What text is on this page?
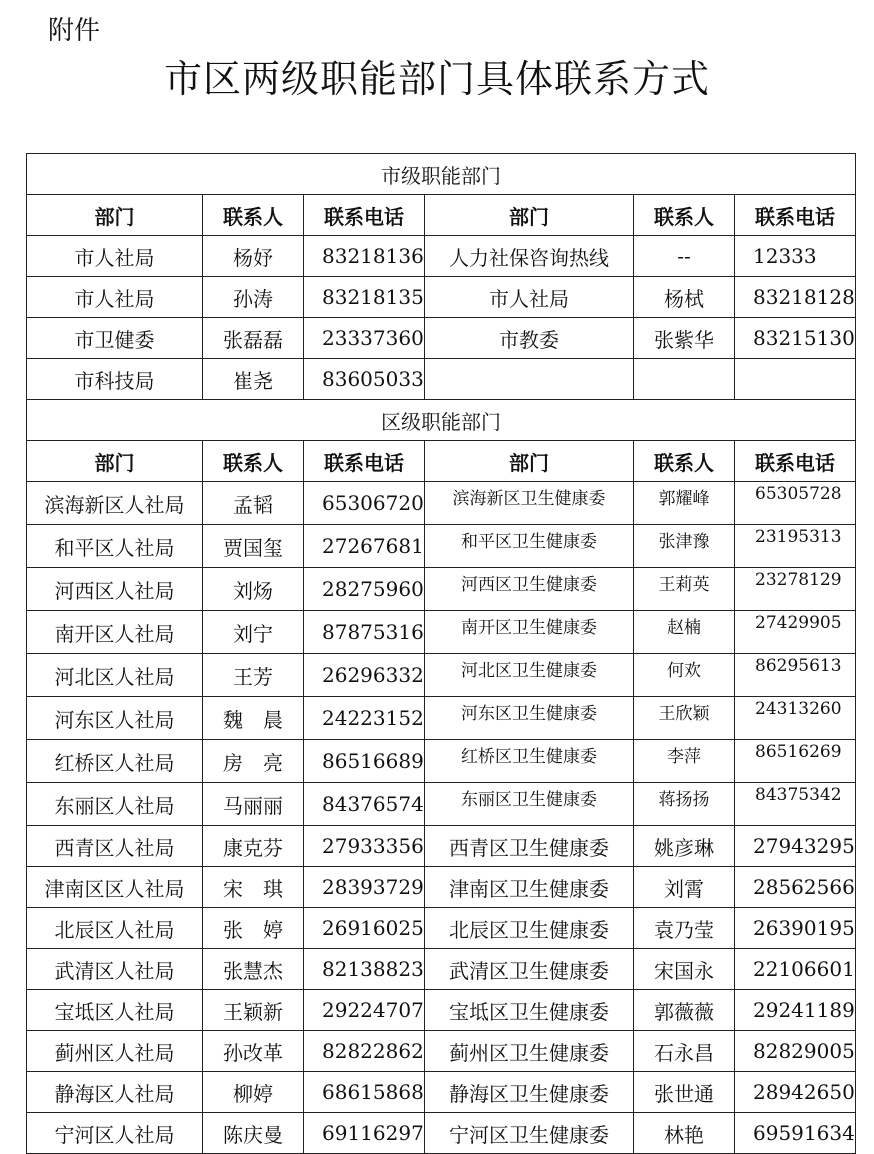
附件
市区两级职能部门具体联系方式
市级职能部门					
部门	联系人	联系电话	部门	联系人	联系电话
市人社局	杨妤	83218136	人力社保咨询热线	--	12333
市人社局	孙涛	83218135	市人社局	杨栻	83218128
市卫健委	张磊磊	23337360	市教委	张紫华	83215130
市科技局	崔尧	83605033			
区级职能部门					
部门	联系人	联系电话	部门	联系人	联系电话
滨海新区人社局	孟韬	65306720	滨海新区卫生健康委	郭耀峰	65305728
和平区人社局	贾国玺	27267681	和平区卫生健康委	张津豫	23195313
河西区人社局	刘炀	28275960	河西区卫生健康委	王莉英	23278129
南开区人社局	刘宁	87875316	南开区卫生健康委	赵楠	27429905
河北区人社局	王芳	26296332	河北区卫生健康委	何欢	86295613
河东区人社局	魏　晨	24223152	河东区卫生健康委	王欣颖	24313260
红桥区人社局	房　亮	86516689	红桥区卫生健康委	李萍	86516269
东丽区人社局	马丽丽	84376574	东丽区卫生健康委	蒋扬扬	84375342
西青区人社局	康克芬	27933356	西青区卫生健康委	姚彦琳	27943295
津南区区人社局	宋　琪	28393729	津南区卫生健康委	刘霄	28562566
北辰区人社局	张　婷	26916025	北辰区卫生健康委	袁乃莹	26390195
武清区人社局	张慧杰	82138823	武清区卫生健康委	宋国永	22106601
宝坻区人社局	王颖新	29224707	宝坻区卫生健康委	郭薇薇	29241189
蓟州区人社局	孙改革	82822862	蓟州区卫生健康委	石永昌	82829005
静海区人社局	柳婷	68615868	静海区卫生健康委	张世通	28942650
宁河区人社局	陈庆曼	69116297	宁河区卫生健康委	林艳	69591634
